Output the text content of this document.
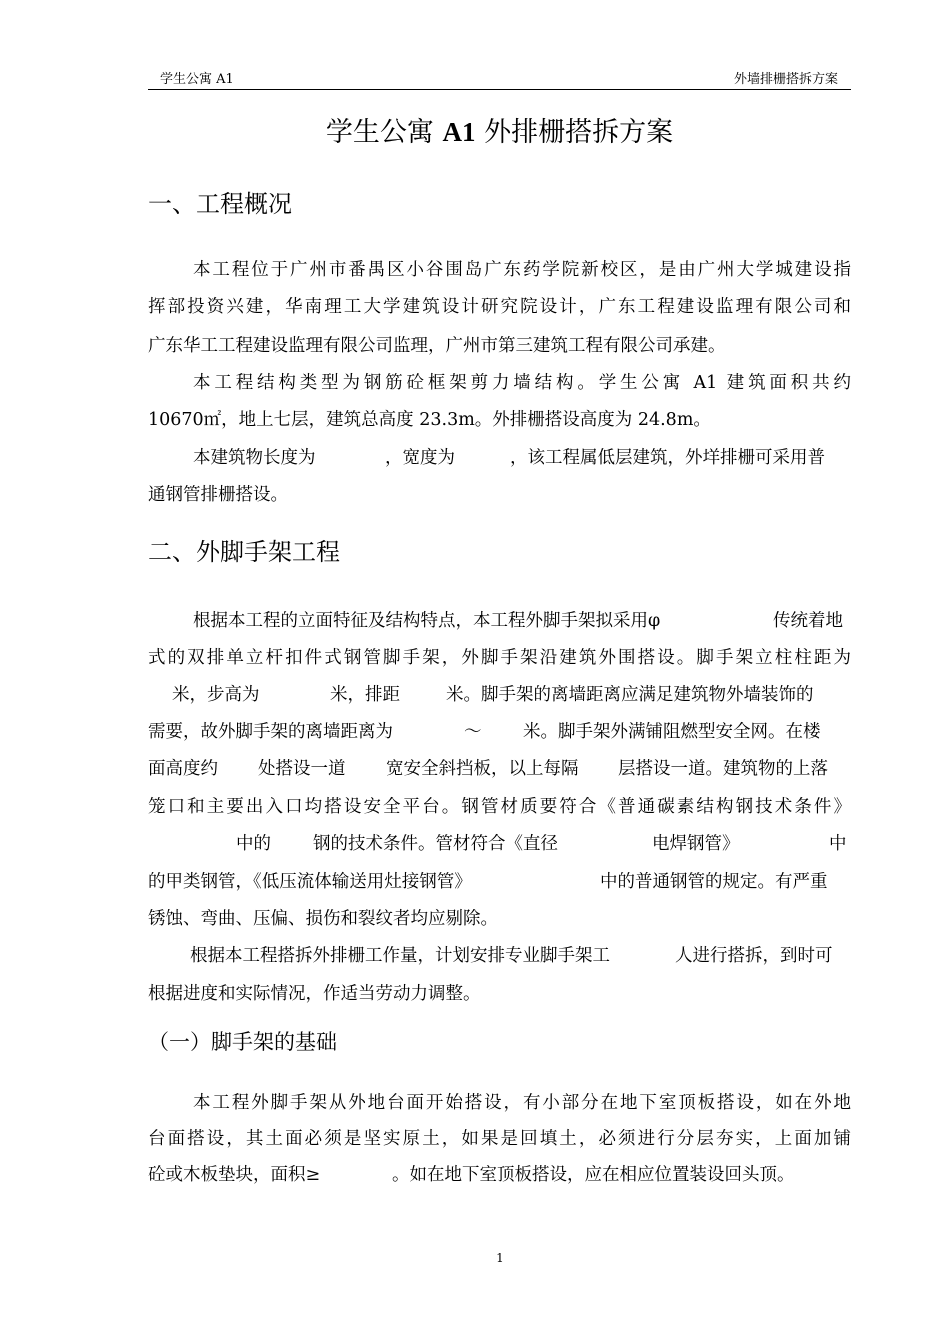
学生公寓 A1	外墙排栅搭拆方案
学生公寓 A1 外排栅搭拆方案
一、工程概况
本工程位于广州市番禺区小谷围岛广东药学院新校区，是由广州大学城建设指
挥部投资兴建，华南理工大学建筑设计研究院设计，广东工程建设监理有限公司和
广东华工工程建设监理有限公司监理，广州市第三建筑工程有限公司承建。
本工程结构类型为钢筋砼框架剪力墙结构。学生公寓 A1 建筑面积共约
10670㎡，地上七层，建筑总高度 23.3m。外排栅搭设高度为 24.8m。
本建筑物长度为	，宽度为	，该工程属低层建筑，外垟排栅可采用普
通钢管排栅搭设。
二、外脚手架工程
根据本工程的立面特征及结构特点，本工程外脚手架拟采用φ	传统着地
式的双排单立杆扣件式钢管脚手架，外脚手架沿建筑外围搭设。脚手架立柱柱距为
米，步高为	米，排距	米。脚手架的离墙距离应满足建筑物外墙装饰的
需要，故外脚手架的离墙距离为	～ 米。脚手架外满铺阻燃型安全网。在楼
面高度约 处搭设一道 宽安全斜挡板，以上每隔 层搭设一道。建筑物的上落
笼口和主要出入口均搭设安全平台。钢管材质要符合《普通碳素结构钢技术条件》
中的 钢的技术条件。管材符合《直径	电焊钢管》	中
的甲类钢管，《低压流体输送用灶接钢管》	中的普通钢管的规定。有严重
锈蚀、弯曲、压偏、损伤和裂纹者均应剔除。
根据本工程搭拆外排栅工作量，计划安排专业脚手架工	人进行搭拆，到时可
根据进度和实际情况，作适当劳动力调整。
（一）脚手架的基础
本工程外脚手架从外地台面开始搭设，有小部分在地下室顶板搭设，如在外地
台面搭设，其土面必须是坚实原土，如果是回填土，必须进行分层夯实，上面加铺
砼或木板垫块，面积≥	。如在地下室顶板搭设，应在相应位置装设回头顶。
1
